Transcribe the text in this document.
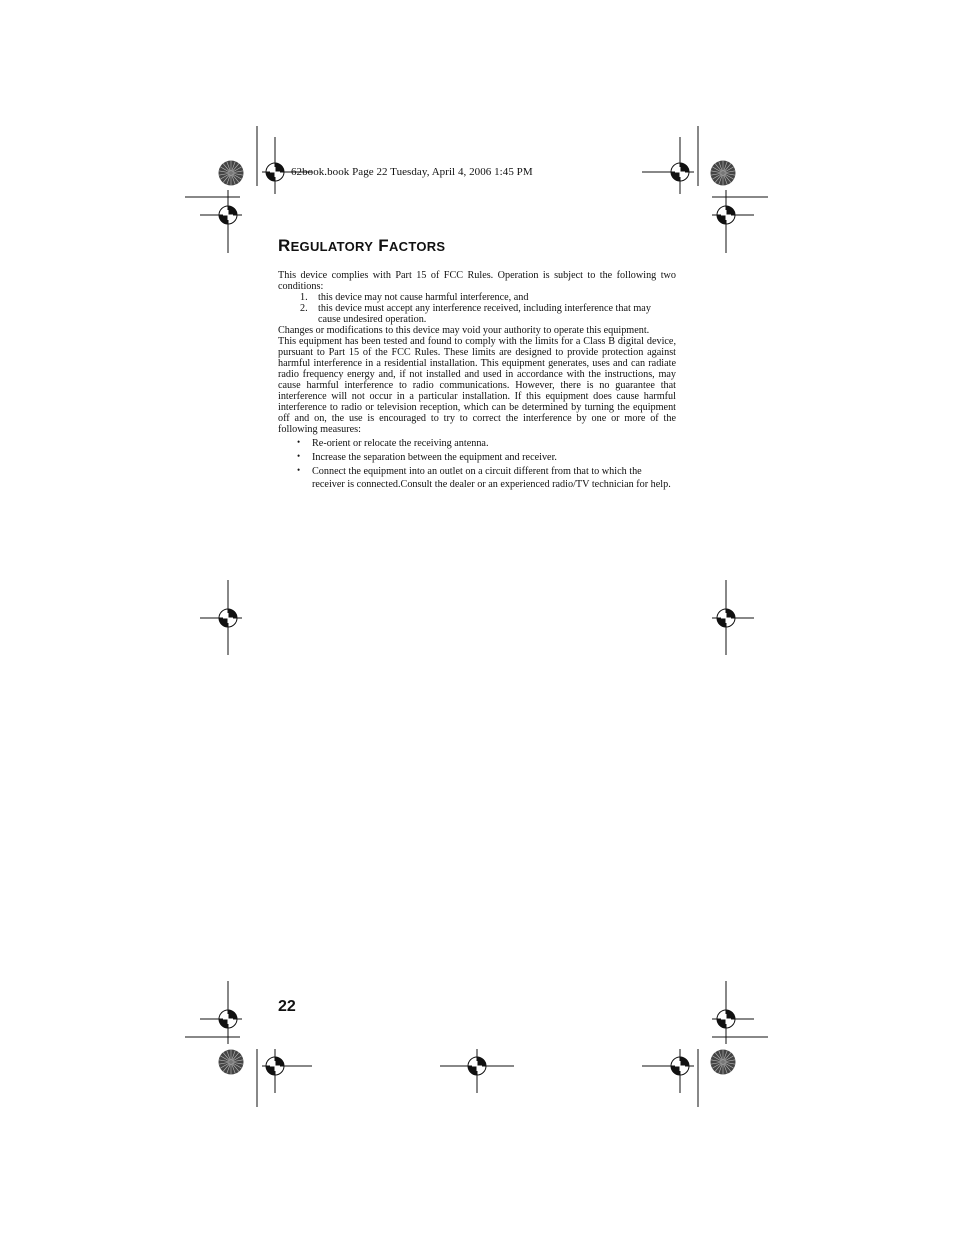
62book.book Page 22 Tuesday, April 4, 2006 1:45 PM
REGULATORY FACTORS

This device complies with Part 15 of FCC Rules. Operation is subject to the following two conditions:

1. this device may not cause harmful interference, and
2. this device must accept any interference received, including interference that may cause undesired operation.

Changes or modifications to this device may void your authority to operate this equipment.

This equipment has been tested and found to comply with the limits for a Class B digital device, pursuant to Part 15 of the FCC Rules. These limits are designed to provide protection against harmful interference in a residential installation. This equipment generates, uses and can radiate radio frequency energy and, if not installed and used in accordance with the instructions, may cause harmful interference to radio communications. However, there is no guarantee that interference will not occur in a particular installation. If this equipment does cause harmful interference to radio or television reception, which can be determined by turning the equipment off and on, the use is encouraged to try to correct the interference by one or more of the following measures:

• Re-orient or relocate the receiving antenna.
• Increase the separation between the equipment and receiver.
• Connect the equipment into an outlet on a circuit different from that to which the receiver is connected.Consult the dealer or an experienced radio/TV technician for help.
22
